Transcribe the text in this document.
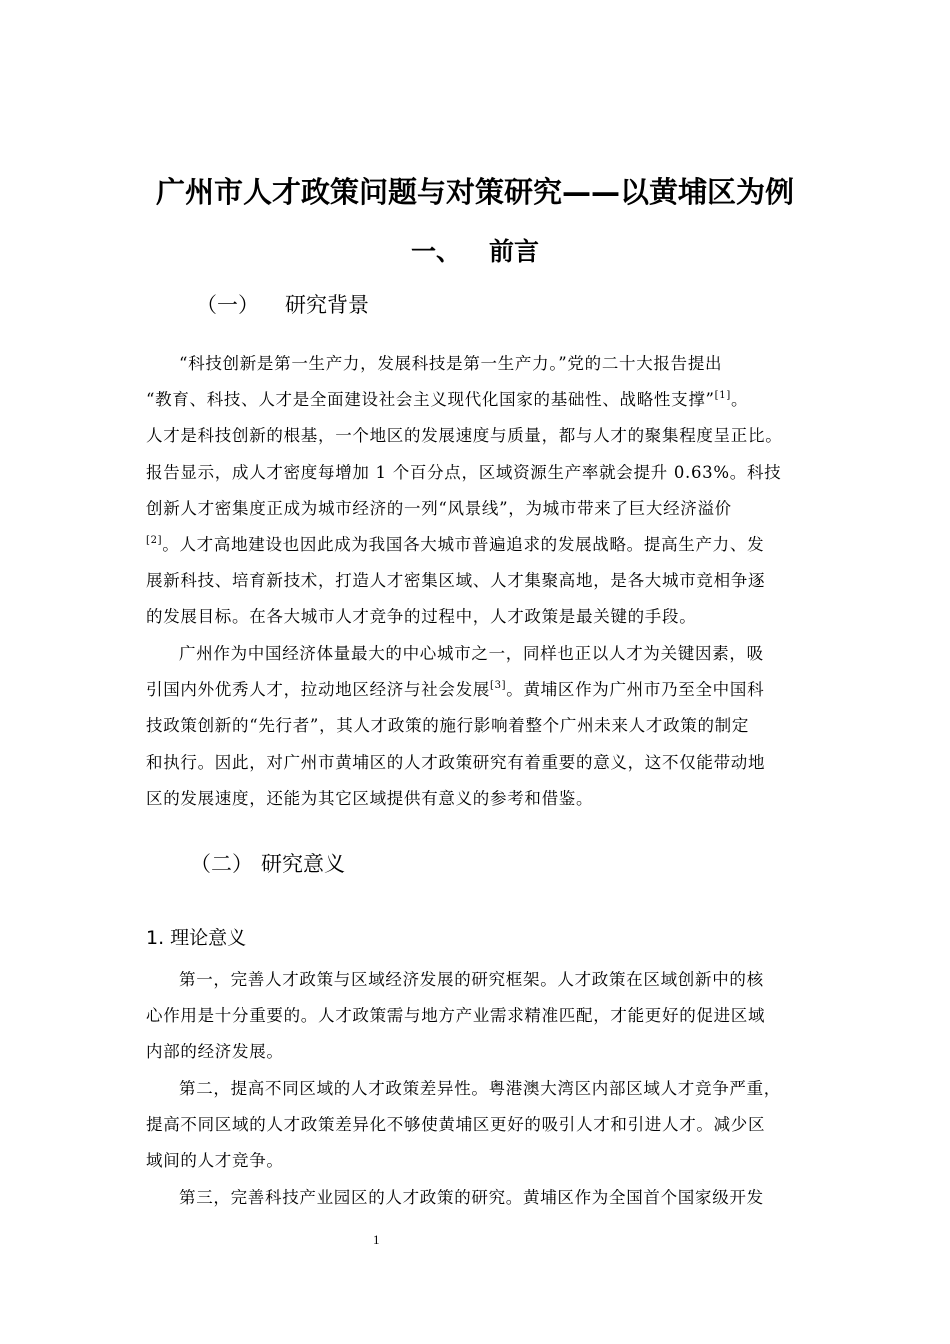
广州市人才政策问题与对策研究——以黄埔区为例
一、 前言
（一） 研究背景
“科技创新是第一生产力，发展科技是第一生产力。”党的二十大报告提出
“教育、科技、人才是全面建设社会主义现代化国家的基础性、战略性支撑”[1]。
人才是科技创新的根基，一个地区的发展速度与质量，都与人才的聚集程度呈正比。
报告显示，成人才密度每增加 1 个百分点，区域资源生产率就会提升 0.63%。科技
创新人才密集度正成为城市经济的一列“风景线”，为城市带来了巨大经济溢价
[2]。人才高地建设也因此成为我国各大城市普遍追求的发展战略。提高生产力、发
展新科技、培育新技术，打造人才密集区域、人才集聚高地，是各大城市竞相争逐
的发展目标。在各大城市人才竞争的过程中，人才政策是最关键的手段。
广州作为中国经济体量最大的中心城市之一，同样也正以人才为关键因素，吸
引国内外优秀人才，拉动地区经济与社会发展[3]。黄埔区作为广州市乃至全中国科
技政策创新的“先行者”，其人才政策的施行影响着整个广州未来人才政策的制定
和执行。因此，对广州市黄埔区的人才政策研究有着重要的意义，这不仅能带动地
区的发展速度，还能为其它区域提供有意义的参考和借鉴。
（二） 研究意义
1. 理论意义
第一，完善人才政策与区域经济发展的研究框架。人才政策在区域创新中的核
心作用是十分重要的。人才政策需与地方产业需求精准匹配，才能更好的促进区域
内部的经济发展。
第二，提高不同区域的人才政策差异性。粤港澳大湾区内部区域人才竞争严重，
提高不同区域的人才政策差异化不够使黄埔区更好的吸引人才和引进人才。减少区
域间的人才竞争。
第三，完善科技产业园区的人才政策的研究。黄埔区作为全国首个国家级开发
1
